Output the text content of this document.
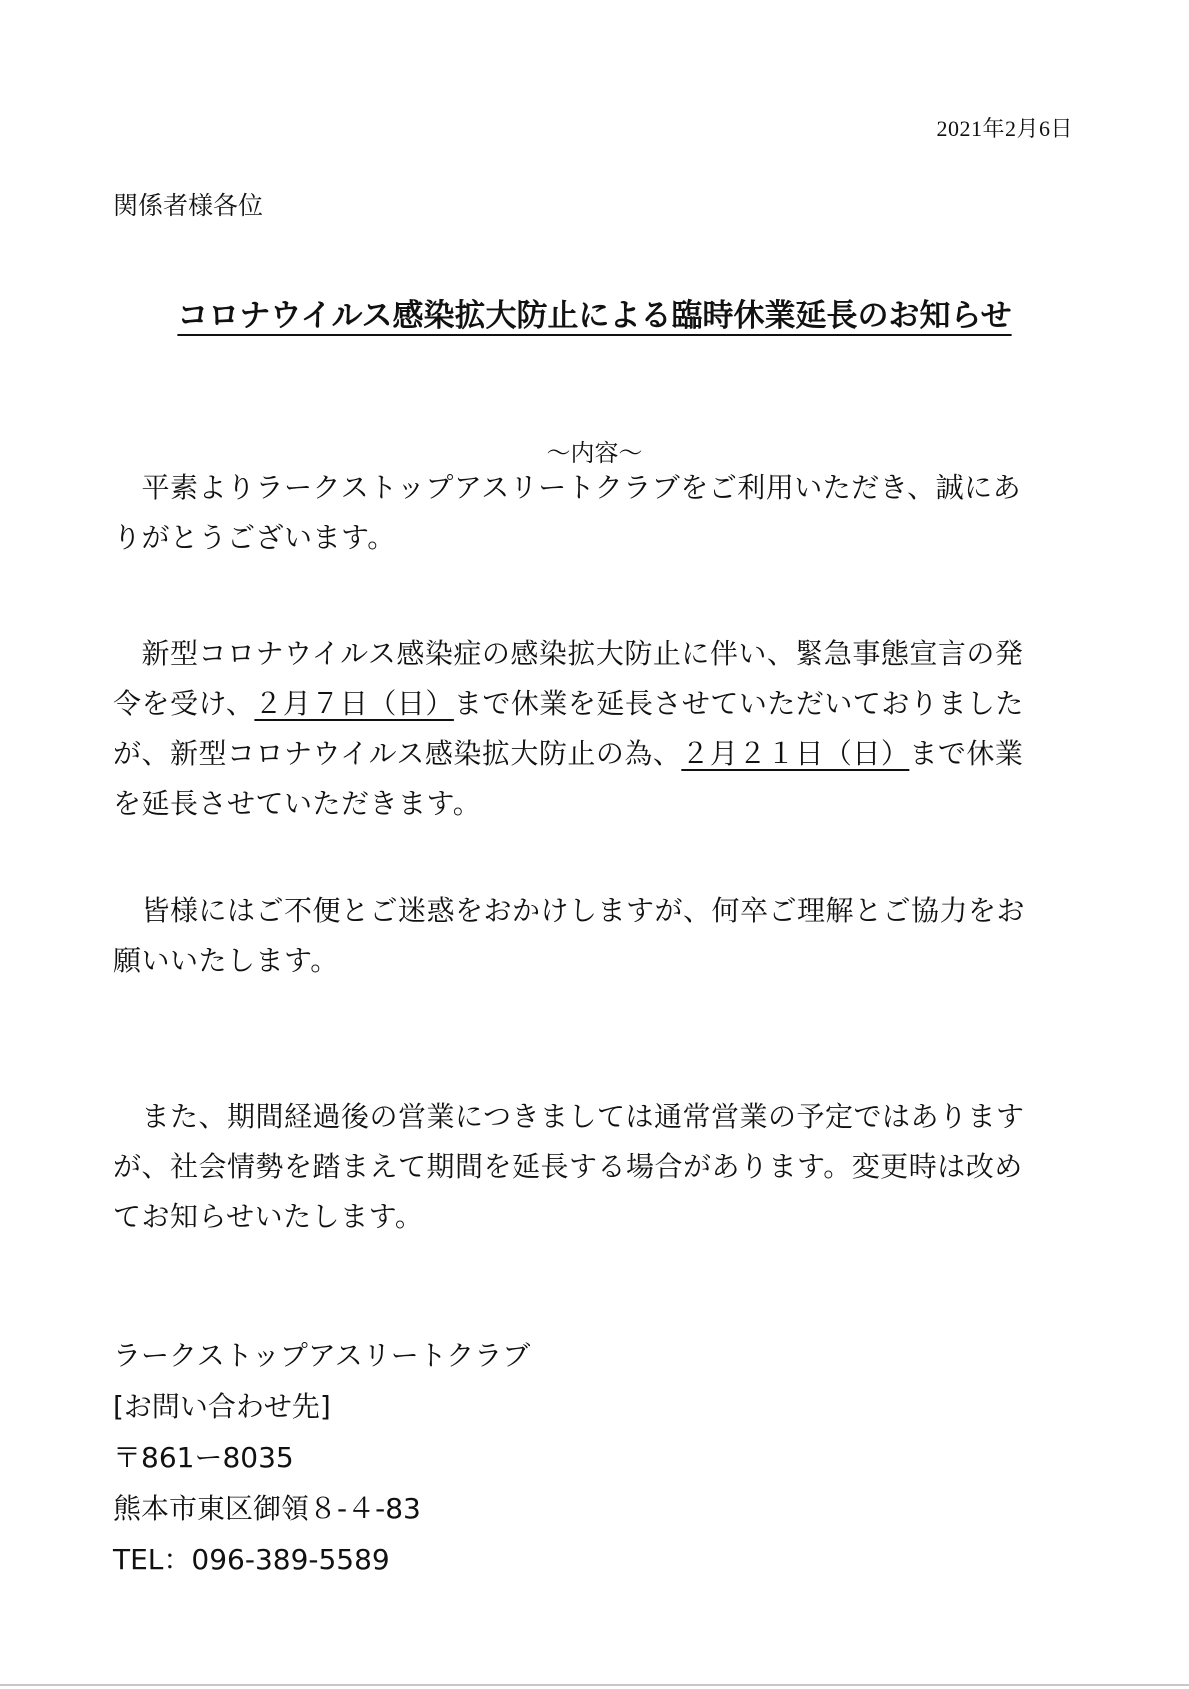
2021年2月6日
関係者様各位
コロナウイルス感染拡大防止による臨時休業延長のお知らせ
〜内容〜
　平素よりラークストップアスリートクラブをご利用いただき、誠にあ
りがとうございます。
　新型コロナウイルス感染症の感染拡大防止に伴い、緊急事態宣言の発
令を受け、２月７日（日）まで休業を延長させていただいておりました
が、新型コロナウイルス感染拡大防止の為、２月２１日（日）まで休業
を延長させていただきます。
　皆様にはご不便とご迷惑をおかけしますが、何卒ご理解とご協力をお
願いいたします。
　また、期間経過後の営業につきましては通常営業の予定ではあります
が、社会情勢を踏まえて期間を延長する場合があります。変更時は改め
てお知らせいたします。
ラークストップアスリートクラブ
[お問い合わせ先]
〒861ー8035
熊本市東区御領８-４-83
TEL：096-389-5589
